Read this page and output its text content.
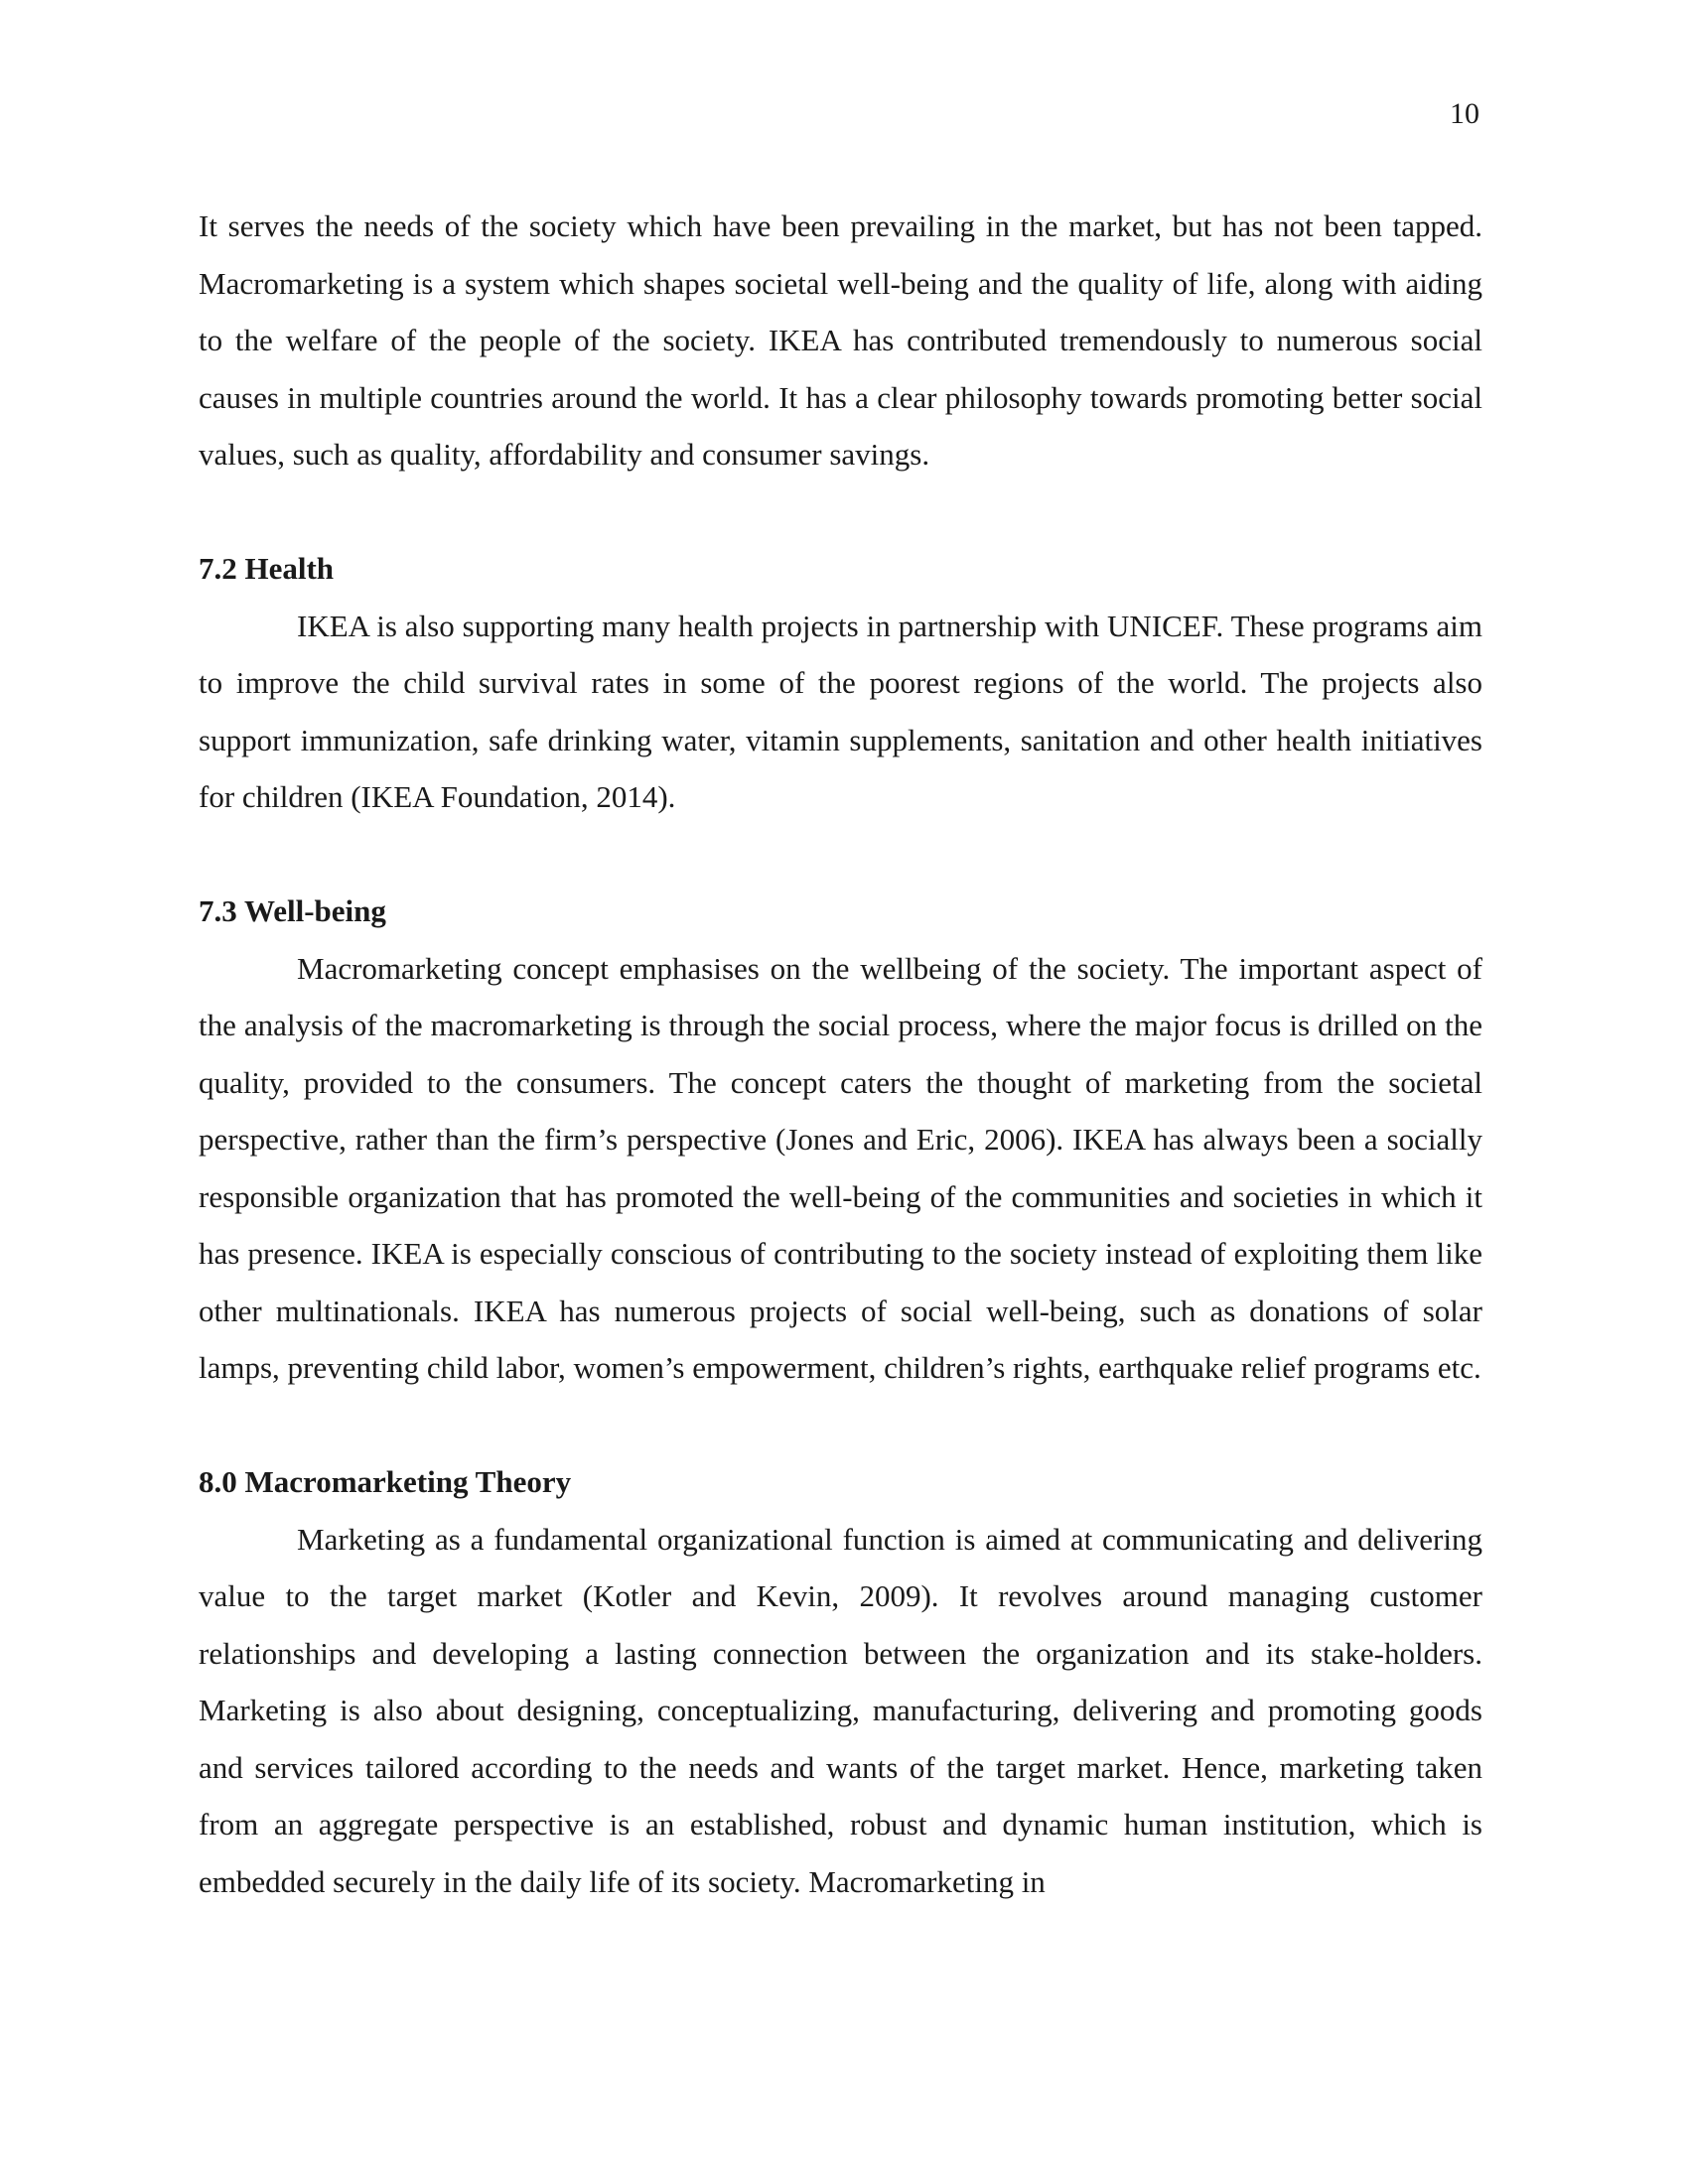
10

It serves the needs of the society which have been prevailing in the market, but has not been tapped. Macromarketing is a system which shapes societal well-being and the quality of life, along with aiding to the welfare of the people of the society. IKEA has contributed tremendously to numerous social causes in multiple countries around the world. It has a clear philosophy towards promoting better social values, such as quality, affordability and consumer savings.

7.2 Health

IKEA is also supporting many health projects in partnership with UNICEF. These programs aim to improve the child survival rates in some of the poorest regions of the world. The projects also support immunization, safe drinking water, vitamin supplements, sanitation and other health initiatives for children (IKEA Foundation, 2014).

7.3 Well-being

Macromarketing concept emphasises on the wellbeing of the society. The important aspect of the analysis of the macromarketing is through the social process, where the major focus is drilled on the quality, provided to the consumers. The concept caters the thought of marketing from the societal perspective, rather than the firm’s perspective (Jones and Eric, 2006). IKEA has always been a socially responsible organization that has promoted the well-being of the communities and societies in which it has presence. IKEA is especially conscious of contributing to the society instead of exploiting them like other multinationals. IKEA has numerous projects of social well-being, such as donations of solar lamps, preventing child labor, women’s empowerment, children’s rights, earthquake relief programs etc.

8.0 Macromarketing Theory

Marketing as a fundamental organizational function is aimed at communicating and delivering value to the target market (Kotler and Kevin, 2009). It revolves around managing customer relationships and developing a lasting connection between the organization and its stake-holders. Marketing is also about designing, conceptualizing, manufacturing, delivering and promoting goods and services tailored according to the needs and wants of the target market. Hence, marketing taken from an aggregate perspective is an established, robust and dynamic human institution, which is embedded securely in the daily life of its society. Macromarketing in
